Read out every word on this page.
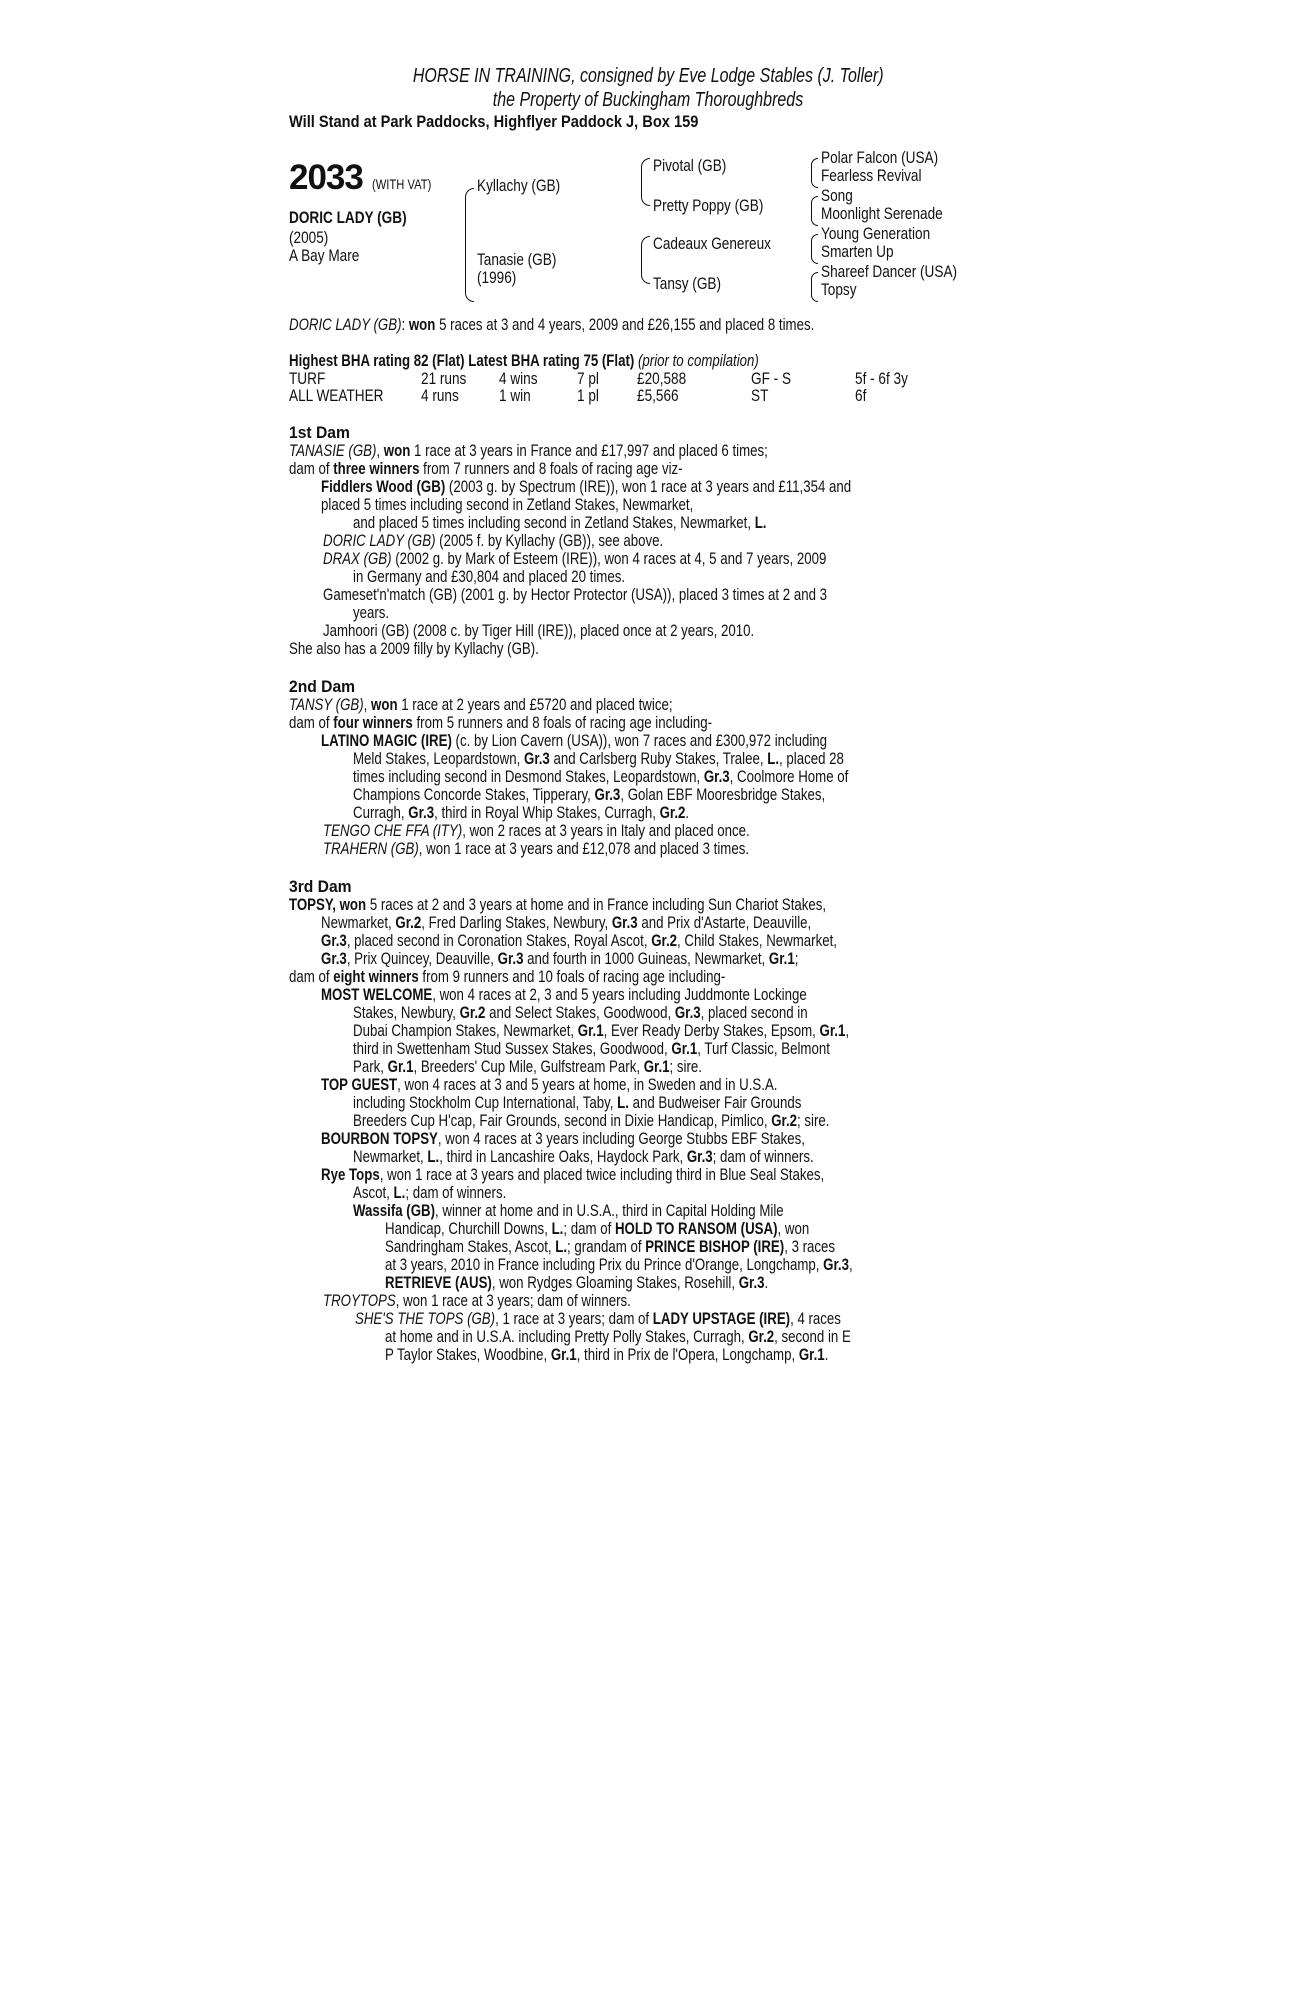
HORSE IN TRAINING, consigned by Eve Lodge Stables (J. Toller)
the Property of Buckingham Thoroughbreds
Will Stand at Park Paddocks, Highflyer Paddock J, Box 159
2033 (WITH VAT)
DORIC LADY (GB)
(2005)
A Bay Mare
Kyllachy (GB)
Tanasie (GB)
(1996)
Pivotal (GB)
Pretty Poppy (GB)
Cadeaux Genereux
Tansy (GB)
Polar Falcon (USA)
Fearless Revival
Song
Moonlight Serenade
Young Generation
Smarten Up
Shareef Dancer (USA)
Topsy

DORIC LADY (GB): won 5 races at 3 and 4 years, 2009 and £26,155 and placed 8 times.

Highest BHA rating 82 (Flat) Latest BHA rating 75 (Flat) (prior to compilation)

TURF	21 runs	4 wins	7 pl	£20,588	GF - S	5f - 6f 3y
ALL WEATHER	4 runs	1 win	1 pl	£5,566	ST	6f
1st Dam

TANASIE (GB), won 1 race at 3 years in France and £17,997 and placed 6 times;

dam of three winners from 7 runners and 8 foals of racing age viz-

Fiddlers Wood (GB) (2003 g. by Spectrum (IRE)), won 1 race at 3 years and £11,354 and placed 5 times including second in Zetland Stakes, Newmarket,

and placed 5 times including second in Zetland Stakes, Newmarket, L.

DORIC LADY (GB) (2005 f. by Kyllachy (GB)), see above.

DRAX (GB) (2002 g. by Mark of Esteem (IRE)), won 4 races at 4, 5 and 7 years, 2009

in Germany and £30,804 and placed 20 times.

Gameset'n'match (GB) (2001 g. by Hector Protector (USA)), placed 3 times at 2 and 3

years.

Jamhoori (GB) (2008 c. by Tiger Hill (IRE)), placed once at 2 years, 2010.

She also has a 2009 filly by Kyllachy (GB).

2nd Dam

TANSY (GB), won 1 race at 2 years and £5720 and placed twice;

dam of four winners from 5 runners and 8 foals of racing age including-

LATINO MAGIC (IRE) (c. by Lion Cavern (USA)), won 7 races and £300,972 including

Meld Stakes, Leopardstown, Gr.3 and Carlsberg Ruby Stakes, Tralee, L., placed 28

times including second in Desmond Stakes, Leopardstown, Gr.3, Coolmore Home of

Champions Concorde Stakes, Tipperary, Gr.3, Golan EBF Mooresbridge Stakes,

Curragh, Gr.3, third in Royal Whip Stakes, Curragh, Gr.2.

TENGO CHE FFA (ITY), won 2 races at 3 years in Italy and placed once.

TRAHERN (GB), won 1 race at 3 years and £12,078 and placed 3 times.

3rd Dam

TOPSY, won 5 races at 2 and 3 years at home and in France including Sun Chariot Stakes,

Newmarket, Gr.2, Fred Darling Stakes, Newbury, Gr.3 and Prix d'Astarte, Deauville,

Gr.3, placed second in Coronation Stakes, Royal Ascot, Gr.2, Child Stakes, Newmarket,

Gr.3, Prix Quincey, Deauville, Gr.3 and fourth in 1000 Guineas, Newmarket, Gr.1;

dam of eight winners from 9 runners and 10 foals of racing age including-

MOST WELCOME, won 4 races at 2, 3 and 5 years including Juddmonte Lockinge

Stakes, Newbury, Gr.2 and Select Stakes, Goodwood, Gr.3, placed second in

Dubai Champion Stakes, Newmarket, Gr.1, Ever Ready Derby Stakes, Epsom, Gr.1,

third in Swettenham Stud Sussex Stakes, Goodwood, Gr.1, Turf Classic, Belmont

Park, Gr.1, Breeders' Cup Mile, Gulfstream Park, Gr.1; sire.

TOP GUEST, won 4 races at 3 and 5 years at home, in Sweden and in U.S.A.

including Stockholm Cup International, Taby, L. and Budweiser Fair Grounds

Breeders Cup H'cap, Fair Grounds, second in Dixie Handicap, Pimlico, Gr.2; sire.

BOURBON TOPSY, won 4 races at 3 years including George Stubbs EBF Stakes,

Newmarket, L., third in Lancashire Oaks, Haydock Park, Gr.3; dam of winners.

Rye Tops, won 1 race at 3 years and placed twice including third in Blue Seal Stakes,

Ascot, L.; dam of winners.

Wassifa (GB), winner at home and in U.S.A., third in Capital Holding Mile

Handicap, Churchill Downs, L.; dam of HOLD TO RANSOM (USA), won

Sandringham Stakes, Ascot, L.; grandam of PRINCE BISHOP (IRE), 3 races

at 3 years, 2010 in France including Prix du Prince d'Orange, Longchamp, Gr.3,

RETRIEVE (AUS), won Rydges Gloaming Stakes, Rosehill, Gr.3.

TROYTOPS, won 1 race at 3 years; dam of winners.

SHE'S THE TOPS (GB), 1 race at 3 years; dam of LADY UPSTAGE (IRE), 4 races

at home and in U.S.A. including Pretty Polly Stakes, Curragh, Gr.2, second in E

P Taylor Stakes, Woodbine, Gr.1, third in Prix de l'Opera, Longchamp, Gr.1.
